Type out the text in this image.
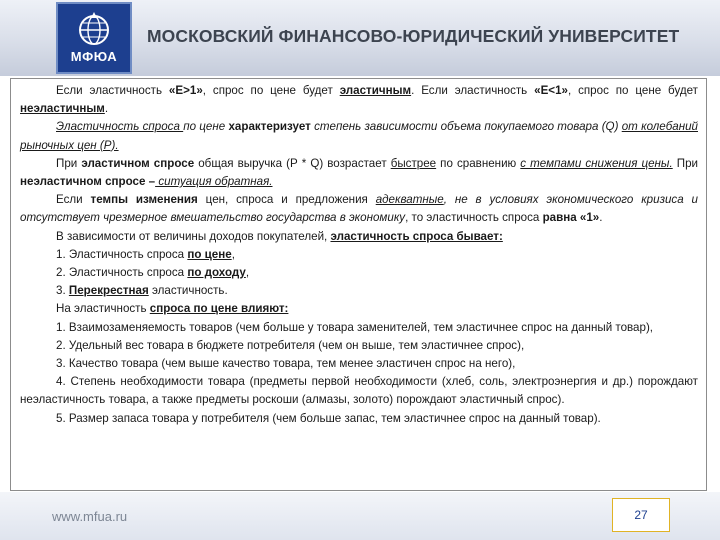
МФЮА
МОСКОВСКИЙ ФИНАНСОВО-ЮРИДИЧЕСКИЙ УНИВЕРСИТЕТ

Если эластичность «Е>1», спрос по цене будет эластичным. Если эластичность «Е<1», спрос по цене будет неэластичным.

Эластичность спроса по цене характеризует степень зависимости объема покупаемого товара (Q) от колебаний рыночных цен (Р).

При эластичном спросе общая выручка (Р * Q) возрастает быстрее по сравнению с темпами снижения цены. При неэластичном спросе – ситуация обратная.

Если темпы изменения цен, спроса и предложения адекватные, не в условиях экономического кризиса и отсутствует чрезмерное вмешательство государства в экономику, то эластичность спроса равна «1».

В зависимости от величины доходов покупателей, эластичность спроса бывает:

1. Эластичность спроса по цене,

2. Эластичность спроса по доходу,

3. Перекрестная эластичность.

На эластичность спроса по цене влияют:

1. Взаимозаменяемость товаров (чем больше у товара заменителей, тем эластичнее спрос на данный товар),

2. Удельный вес товара в бюджете потребителя (чем он выше, тем эластичнее спрос),

3. Качество товара (чем выше качество товара, тем менее эластичен спрос на него),

4. Степень необходимости товара (предметы первой необходимости (хлеб, соль, электроэнергия и др.) порождают неэластичность товара, а также предметы роскоши (алмазы, золото) порождают эластичный спрос).

5. Размер запаса товара у потребителя (чем больше запас, тем эластичнее спрос на данный товар).

www.mfua.ru	27
